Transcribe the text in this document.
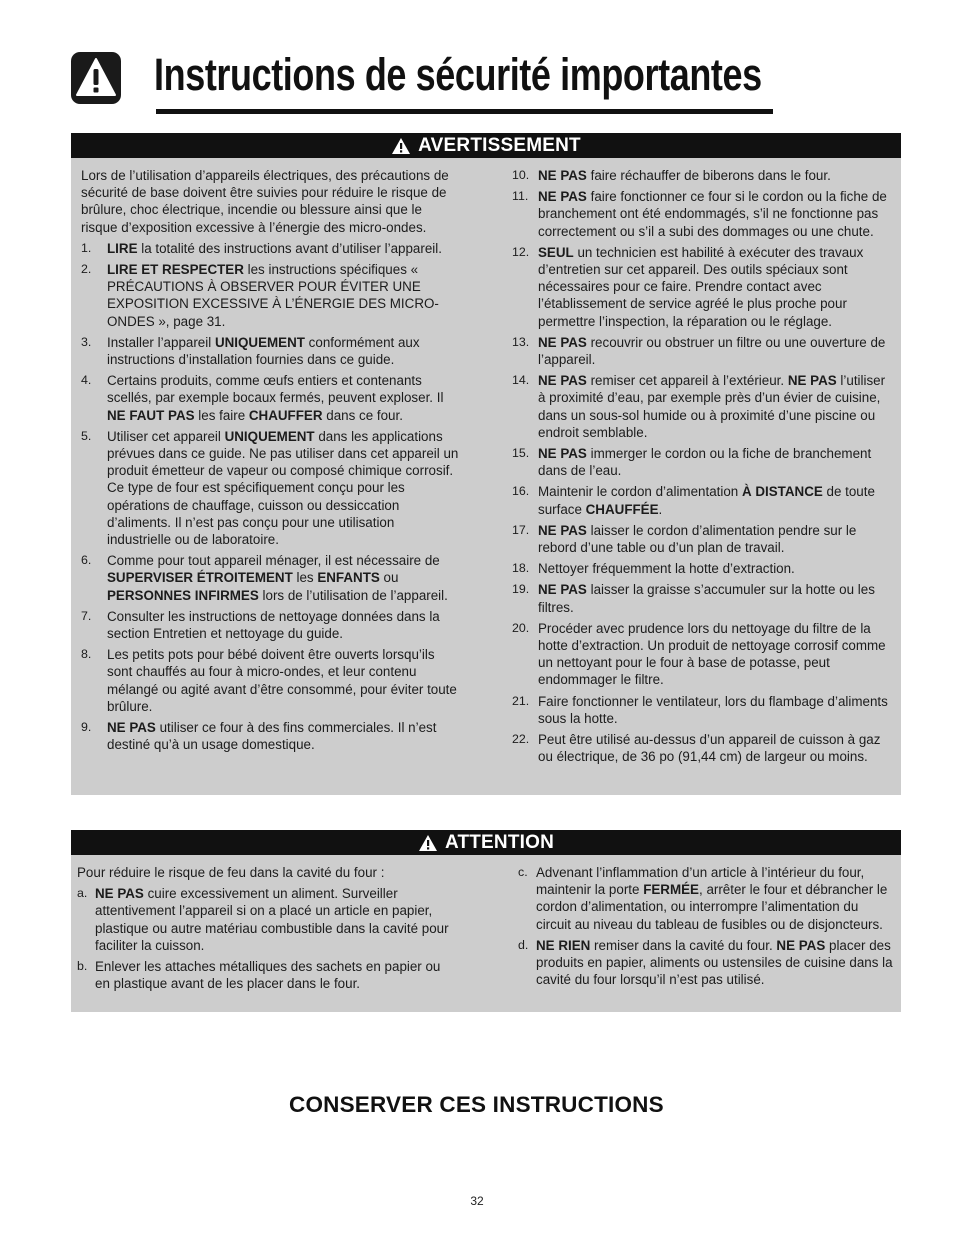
Instructions de sécurité importantes
AVERTISSEMENT

Lors de l’utilisation d’appareils électriques, des précautions de sécurité de base doivent être suivies pour réduire le risque de brûlure, choc électrique, incendie ou blessure ainsi que le risque d’exposition excessive à l’énergie des micro-ondes.

1. LIRE la totalité des instructions avant d’utiliser l’appareil.
2. LIRE ET RESPECTER les instructions spécifiques « PRÉCAUTIONS À OBSERVER POUR ÉVITER UNE EXPOSITION EXCESSIVE À L’ÉNERGIE DES MICRO-ONDES », page 31.
3. Installer l’appareil UNIQUEMENT conformément aux instructions d’installation fournies dans ce guide.
4. Certains produits, comme œufs entiers et contenants scellés, par exemple bocaux fermés, peuvent exploser. Il NE FAUT PAS les faire CHAUFFER dans ce four.
5. Utiliser cet appareil UNIQUEMENT dans les applications prévues dans ce guide. Ne pas utiliser dans cet appareil un produit émetteur de vapeur ou composé chimique corrosif. Ce type de four est spécifiquement conçu pour les opérations de chauffage, cuisson ou dessiccation d’aliments. Il n’est pas conçu pour une utilisation industrielle ou de laboratoire.
6. Comme pour tout appareil ménager, il est nécessaire de SUPERVISER ÉTROITEMENT les ENFANTS ou PERSONNES INFIRMES lors de l’utilisation de l’appareil.
7. Consulter les instructions de nettoyage données dans la section Entretien et nettoyage du guide.
8. Les petits pots pour bébé doivent être ouverts lorsqu’ils sont chauffés au four à micro-ondes, et leur contenu mélangé ou agité avant d’être consommé, pour éviter toute brûlure.
9. NE PAS utiliser ce four à des fins commerciales. Il n’est destiné qu’à un usage domestique.
10. NE PAS faire réchauffer de biberons dans le four.
11. NE PAS faire fonctionner ce four si le cordon ou la fiche de branchement ont été endommagés, s’il ne fonctionne pas correctement ou s’il a subi des dommages ou une chute.
12. SEUL un technicien est habilité à exécuter des travaux d’entretien sur cet appareil. Des outils spéciaux sont nécessaires pour ce faire. Prendre contact avec l’établissement de service agréé le plus proche pour permettre l’inspection, la réparation ou le réglage.
13. NE PAS recouvrir ou obstruer un filtre ou une ouverture de l’appareil.
14. NE PAS remiser cet appareil à l’extérieur. NE PAS l’utiliser à proximité d’eau, par exemple près d’un évier de cuisine, dans un sous-sol humide ou à proximité d’une piscine ou endroit semblable.
15. NE PAS immerger le cordon ou la fiche de branchement dans de l’eau.
16. Maintenir le cordon d’alimentation À DISTANCE de toute surface CHAUFFÉE.
17. NE PAS laisser le cordon d’alimentation pendre sur le rebord d’une table ou d’un plan de travail.
18. Nettoyer fréquemment la hotte d’extraction.
19. NE PAS laisser la graisse s’accumuler sur la hotte ou les filtres.
20. Procéder avec prudence lors du nettoyage du filtre de la hotte d’extraction. Un produit de nettoyage corrosif comme un nettoyant pour le four à base de potasse, peut endommager le filtre.
21. Faire fonctionner le ventilateur, lors du flambage d’aliments sous la hotte.
22. Peut être utilisé au-dessus d’un appareil de cuisson à gaz ou électrique, de 36 po (91,44 cm) de largeur ou moins.
ATTENTION

Pour réduire le risque de feu dans la cavité du four :

a. NE PAS cuire excessivement un aliment. Surveiller attentivement l’appareil si on a placé un article en papier, plastique ou autre matériau combustible dans la cavité pour faciliter la cuisson.
b. Enlever les attaches métalliques des sachets en papier ou en plastique avant de les placer dans le four.
c. Advenant l’inflammation d’un article à l’intérieur du four, maintenir la porte FERMÉE, arrêter le four et débrancher le cordon d’alimentation, ou interrompre l’alimentation du circuit au niveau du tableau de fusibles ou de disjoncteurs.
d. NE RIEN remiser dans la cavité du four. NE PAS placer des produits en papier, aliments ou ustensiles de cuisine dans la cavité du four lorsqu’il n’est pas utilisé.
CONSERVER CES INSTRUCTIONS
32
